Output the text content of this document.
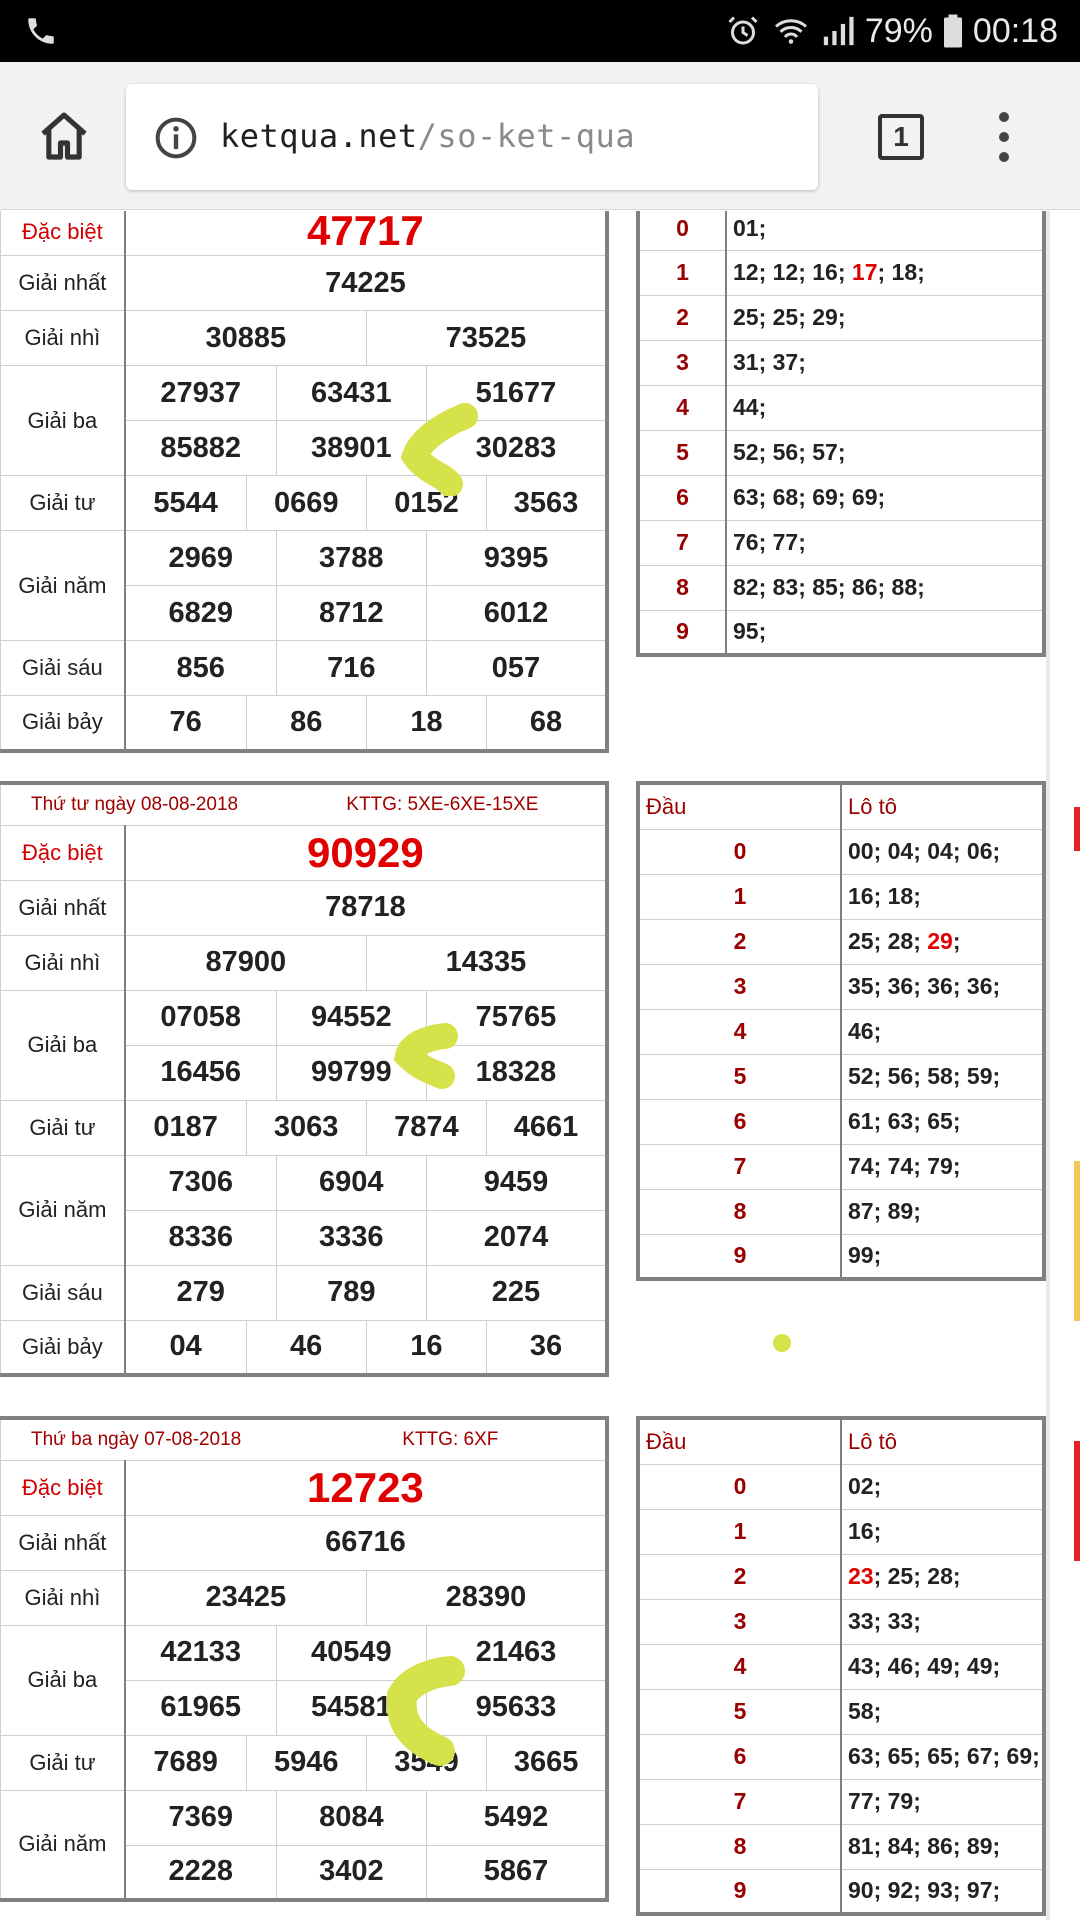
79% 00:18
ketqua.net/so-ket-qua	1
Đặc biệt	47717					
Giải nhất	74225					
Giải nhì	30885			73525		
Giải ba	27937		63431		51677	
	85882		38901		30283	
Giải tư	5544	0669		0152		3563
Giải năm	2969		3788		9395	
	6829		8712		6012	
Giải sáu	856		716		057	
Giải bảy	76	86		18		68
0	01;
1	12; 12; 16; 17; 18;
2	25; 25; 29;
3	31; 37;
4	44;
5	52; 56; 57;
6	63; 68; 69; 69;
7	76; 77;
8	82; 83; 85; 86; 88;
9	95;
Thứ tư ngày 08-08-2018 KTTG: 5XE-6XE-15XE						
Đặc biệt	90929					
Giải nhất	78718					
Giải nhì	87900			14335		
Giải ba	07058		94552		75765	
	16456		99799		18328	
Giải tư	0187	3063		7874		4661
Giải năm	7306		6904		9459	
	8336		3336		2074	
Giải sáu	279		789		225	
Giải bảy	04	46		16		36
Đầu	Lô tô
0	00; 04; 04; 06;
1	16; 18;
2	25; 28; 29;
3	35; 36; 36; 36;
4	46;
5	52; 56; 58; 59;
6	61; 63; 65;
7	74; 74; 79;
8	87; 89;
9	99;
Thứ ba ngày 07-08-2018 KTTG: 6XF						
Đặc biệt	12723					
Giải nhất	66716					
Giải nhì	23425			28390		
Giải ba	42133		40549		21463	
	61965		54581		95633	
Giải tư	7689	5946		3549		3665
Giải năm	7369		8084		5492	
	2228		3402		5867	
Đầu	Lô tô
0	02;
1	16;
2	23; 25; 28;
3	33; 33;
4	43; 46; 49; 49;
5	58;
6	63; 65; 65; 67; 69;
7	77; 79;
8	81; 84; 86; 89;
9	90; 92; 93; 97;
